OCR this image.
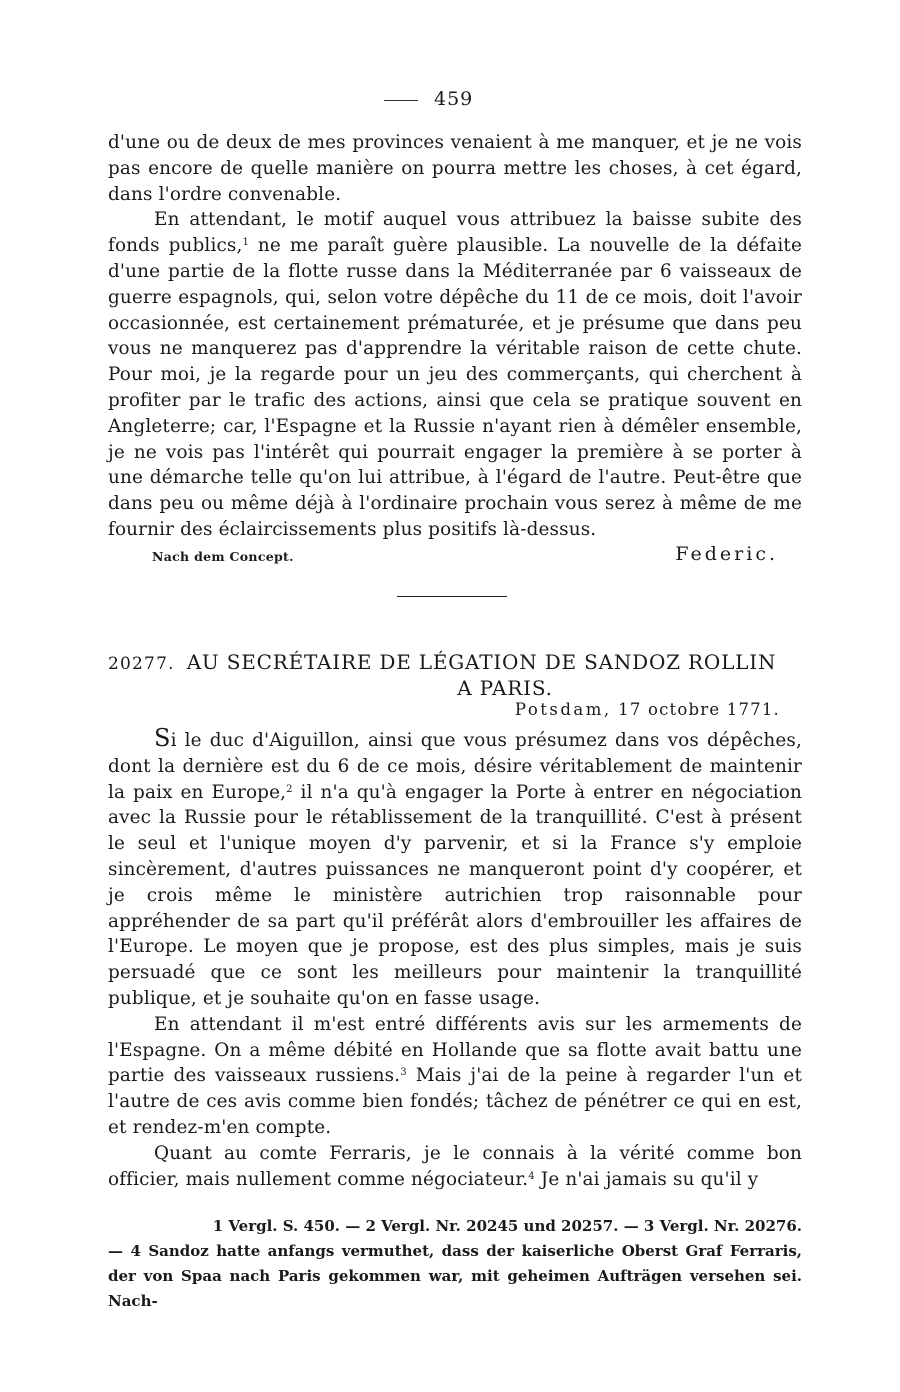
459

d'une ou de deux de mes provinces venaient à me manquer, et je ne vois pas encore de quelle manière on pourra mettre les choses, à cet égard, dans l'ordre convenable.

En attendant, le motif auquel vous attribuez la baisse subite des fonds publics,$^1$ ne me paraît guère plausible. La nouvelle de la défaite d'une partie de la flotte russe dans la Méditerranée par 6 vaisseaux de guerre espagnols, qui, selon votre dépêche du 11 de ce mois, doit l'avoir occasionnée, est certainement prématurée, et je présume que dans peu vous ne manquerez pas d'apprendre la véritable raison de cette chute. Pour moi, je la regarde pour un jeu des commerçants, qui cherchent à profiter par le trafic des actions, ainsi que cela se pratique souvent en Angleterre; car, l'Espagne et la Russie n'ayant rien à démêler ensemble, je ne vois pas l'intérêt qui pourrait engager la première à se porter à une démarche telle qu'on lui attribue, à l'égard de l'autre. Peut-être que dans peu ou même déjà à l'ordinaire prochain vous serez à même de me fournir des éclaircissements plus positifs là-dessus.

Nach dem Concept.	Federic.
20277. AU SECRÉTAIRE DE LÉGATION DE SANDOZ ROLLIN
A PARIS.
Potsdam, 17 octobre 1771.

Si le duc d'Aiguillon, ainsi que vous présumez dans vos dépêches, dont la dernière est du 6 de ce mois, désire véritablement de maintenir la paix en Europe,$^2$ il n'a qu'à engager la Porte à entrer en négociation avec la Russie pour le rétablissement de la tranquillité. C'est à présent le seul et l'unique moyen d'y parvenir, et si la France s'y emploie sincèrement, d'autres puissances ne manqueront point d'y coopérer, et je crois même le ministère autrichien trop raisonnable pour appréhender de sa part qu'il préférât alors d'embrouiller les affaires de l'Europe. Le moyen que je propose, est des plus simples, mais je suis persuadé que ce sont les meilleurs pour maintenir la tranquillité publique, et je souhaite qu'on en fasse usage.

En attendant il m'est entré différents avis sur les armements de l'Espagne. On a même débité en Hollande que sa flotte avait battu une partie des vaisseaux russiens.$^3$ Mais j'ai de la peine à regarder l'un et l'autre de ces avis comme bien fondés; tâchez de pénétrer ce qui en est, et rendez-m'en compte.

Quant au comte Ferraris, je le connais à la vérité comme bon officier, mais nullement comme négociateur.$^4$ Je n'ai jamais su qu'il y

1 Vergl. S. 450. — 2 Vergl. Nr. 20245 und 20257. — 3 Vergl. Nr. 20276.

— 4 Sandoz hatte anfangs vermuthet, dass der kaiserliche Oberst Graf Ferraris, der von Spaa nach Paris gekommen war, mit geheimen Aufträgen versehen sei. Nach-
